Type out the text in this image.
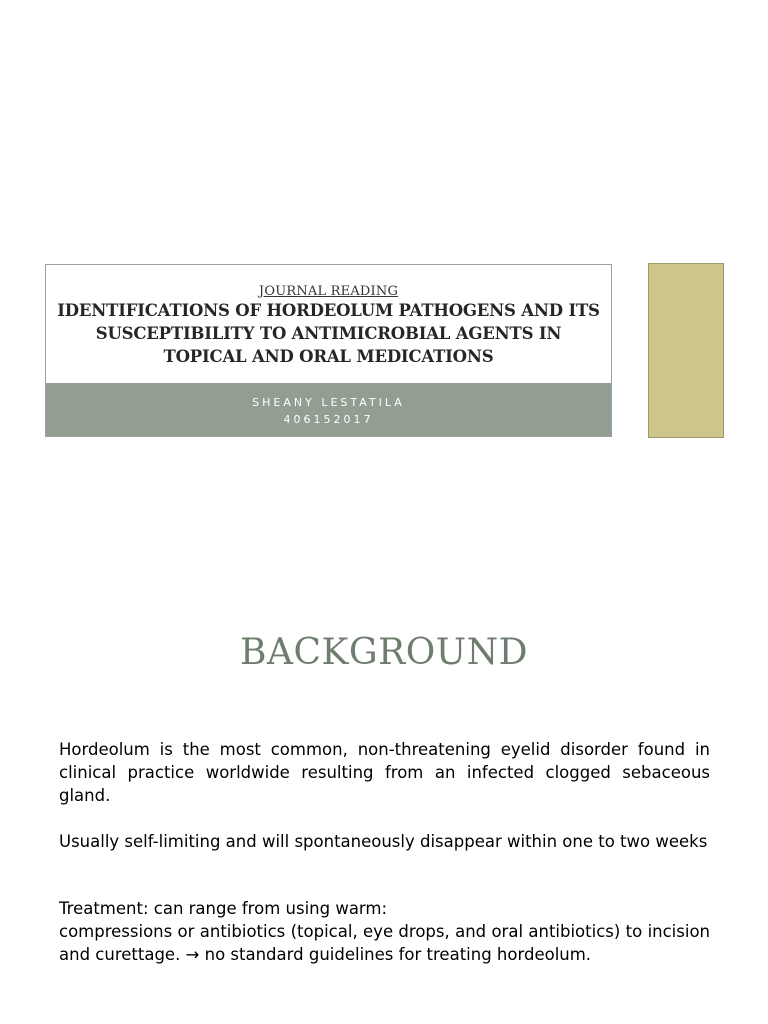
JOURNAL READING
IDENTIFICATIONS OF HORDEOLUM PATHOGENS AND ITS SUSCEPTIBILITY TO ANTIMICROBIAL AGENTS IN TOPICAL AND ORAL MEDICATIONS
SHEANY LESTATILA
406152017
BACKGROUND
Hordeolum is the most common, non-threatening eyelid disorder found in clinical practice worldwide resulting from an infected clogged sebaceous gland.
Usually self-limiting and will spontaneously disappear within one to two weeks
Treatment: can range from using warm:
compressions or antibiotics (topical, eye drops, and oral antibiotics) to incision and curettage. → no standard guidelines for treating hordeolum.
